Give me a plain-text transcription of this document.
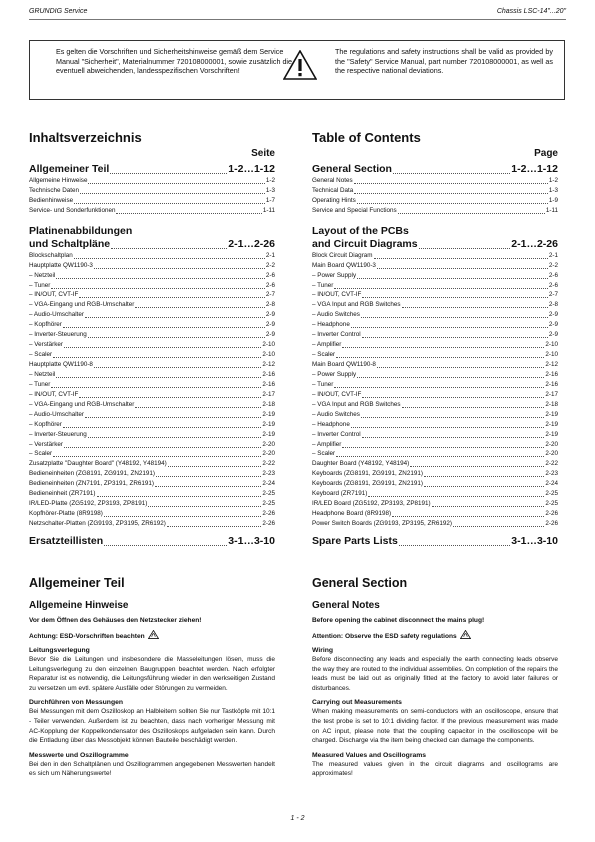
GRUNDIG Service	Chassis LSC-14"...20"
Es gelten die Vorschriften und Sicherheitshinweise gemäß dem Service Manual "Sicherheit", Materialnummer 720108000001, sowie zusätzlich die eventuell abweichenden, landesspezifischen Vorschriften!
The regulations and safety instructions shall be valid as provided by the "Safety" Service Manual, part number 720108000001, as well as the respective national deviations.
Inhaltsverzeichnis
Seite
Allgemeiner Teil	1-2…1-12
Allgemeine Hinweise	1-2
Technische Daten	1-3
Bedienhinweise	1-7
Service- und Sonderfunktionen	1-11
Platinenabbildungen
und Schaltpläne	2-1…2-26
Blockschaltplan	2-1
Hauptplatte QW1190-3	2-2
– Netzteil	2-6
– Tuner	2-6
– IN/OUT, CVT-IF	2-7
– VGA-Eingang und RGB-Umschalter	2-8
– Audio-Umschalter	2-9
– Kopfhörer	2-9
– Inverter-Steuerung	2-9
– Verstärker	2-10
– Scaler	2-10
Hauptplatte QW1190-8	2-12
– Netzteil	2-16
– Tuner	2-16
– IN/OUT, CVT-IF	2-17
– VGA-Eingang und RGB-Umschalter	2-18
– Audio-Umschalter	2-19
– Kopfhörer	2-19
– Inverter-Steuerung	2-19
– Verstärker	2-20
– Scaler	2-20
Zusatzplatte "Daughter Board" (Y48192, Y48194)	2-22
Bedieneinheiten (ZG8191, ZG9191, ZN2191)	2-23
Bedieneinheiten (ZN7191, ZP3191, ZR6191)	2-24
Bedieneinheit (ZR7191)	2-25
IR/LED-Platte (ZG5192, ZP3193, ZP8191)	2-25
Kopfhörer-Platte (8R9198)	2-26
Netzschalter-Platten (ZG9193, ZP3195, ZR6192)	2-26
Ersatzteillisten	3-1…3-10
Table of Contents
Page
General Section	1-2…1-12
General Notes	1-2
Technical Data	1-3
Operating Hints	1-9
Service and Special Functions	1-11
Layout of the PCBs
and Circuit Diagrams	2-1…2-26
Block Circuit Diagram	2-1
Main Board QW1190-3	2-2
– Power Supply	2-6
– Tuner	2-6
– IN/OUT, CVT-IF	2-7
– VGA Input and RGB Switches	2-8
– Audio Switches	2-9
– Headphone	2-9
– Inverter Control	2-9
– Amplifier	2-10
– Scaler	2-10
Main Board QW1190-8	2-12
– Power Supply	2-16
– Tuner	2-16
– IN/OUT, CVT-IF	2-17
– VGA Input and RGB Switches	2-18
– Audio Switches	2-19
– Headphone	2-19
– Inverter Control	2-19
– Amplifier	2-20
– Scaler	2-20
Daughter Board (Y48192, Y48194)	2-22
Keyboards (ZG8191, ZG9191, ZN2191)	2-23
Keyboards (ZG8191, ZG9191, ZN2191)	2-24
Keyboard (ZR7191)	2-25
IR/LED Board (ZG5192, ZP3193, ZP8191)	2-25
Headphone Board (8R9198)	2-26
Power Switch Boards (ZG9193, ZP3195, ZR6192)	2-26
Spare Parts Lists	3-1…3-10
Allgemeiner Teil
Allgemeine Hinweise
Vor dem Öffnen des Gehäuses den Netzstecker ziehen!
Achtung: ESD-Vorschriften beachten
Leitungsverlegung

Bevor Sie die Leitungen und insbesondere die Masseleitungen lösen, muss die Leitungsverlegung zu den einzelnen Baugruppen beachtet werden. Nach erfolgter Reparatur ist es notwendig, die Leitungsführung wieder in den werkseitigen Zustand zu versetzen um evtl. spätere Ausfälle oder Störungen zu vermeiden.

Durchführen von Messungen

Bei Messungen mit dem Oszilloskop an Halbleitern sollten Sie nur Tastköpfe mit 10:1 - Teiler verwenden. Außerdem ist zu beachten, dass nach vorheriger Messung mit AC-Kopplung der Koppelkondensator des Oszilloskops aufgeladen sein kann. Durch die Entladung über das Messobjekt können Bauteile beschädigt werden.

Messwerte und Oszillogramme

Bei den in den Schaltplänen und Oszillogrammen angegebenen Messwerten handelt es sich um Näherungswerte!

General Section
General Notes
Before opening the cabinet disconnect the mains plug!
Attention: Observe the ESD safety regulations
Wiring

Before disconnecting any leads and especially the earth connecting leads observe the way they are routed to the individual assemblies. On completion of the repairs the leads must be laid out as originally fitted at the factory to avoid later failures or disturbances.

Carrying out Measurements

When making measurements on semi-conductors with an oscilloscope, ensure that the test probe is set to 10:1 dividing factor. If the previous measurement was made on AC input, please note that the coupling capacitor in the oscilloscope will be charged. Discharge via the item being checked can damage the components.

Measured Values and Oscillograms

The measured values given in the circuit diagrams and oscillograms are approximates!

1 - 2
